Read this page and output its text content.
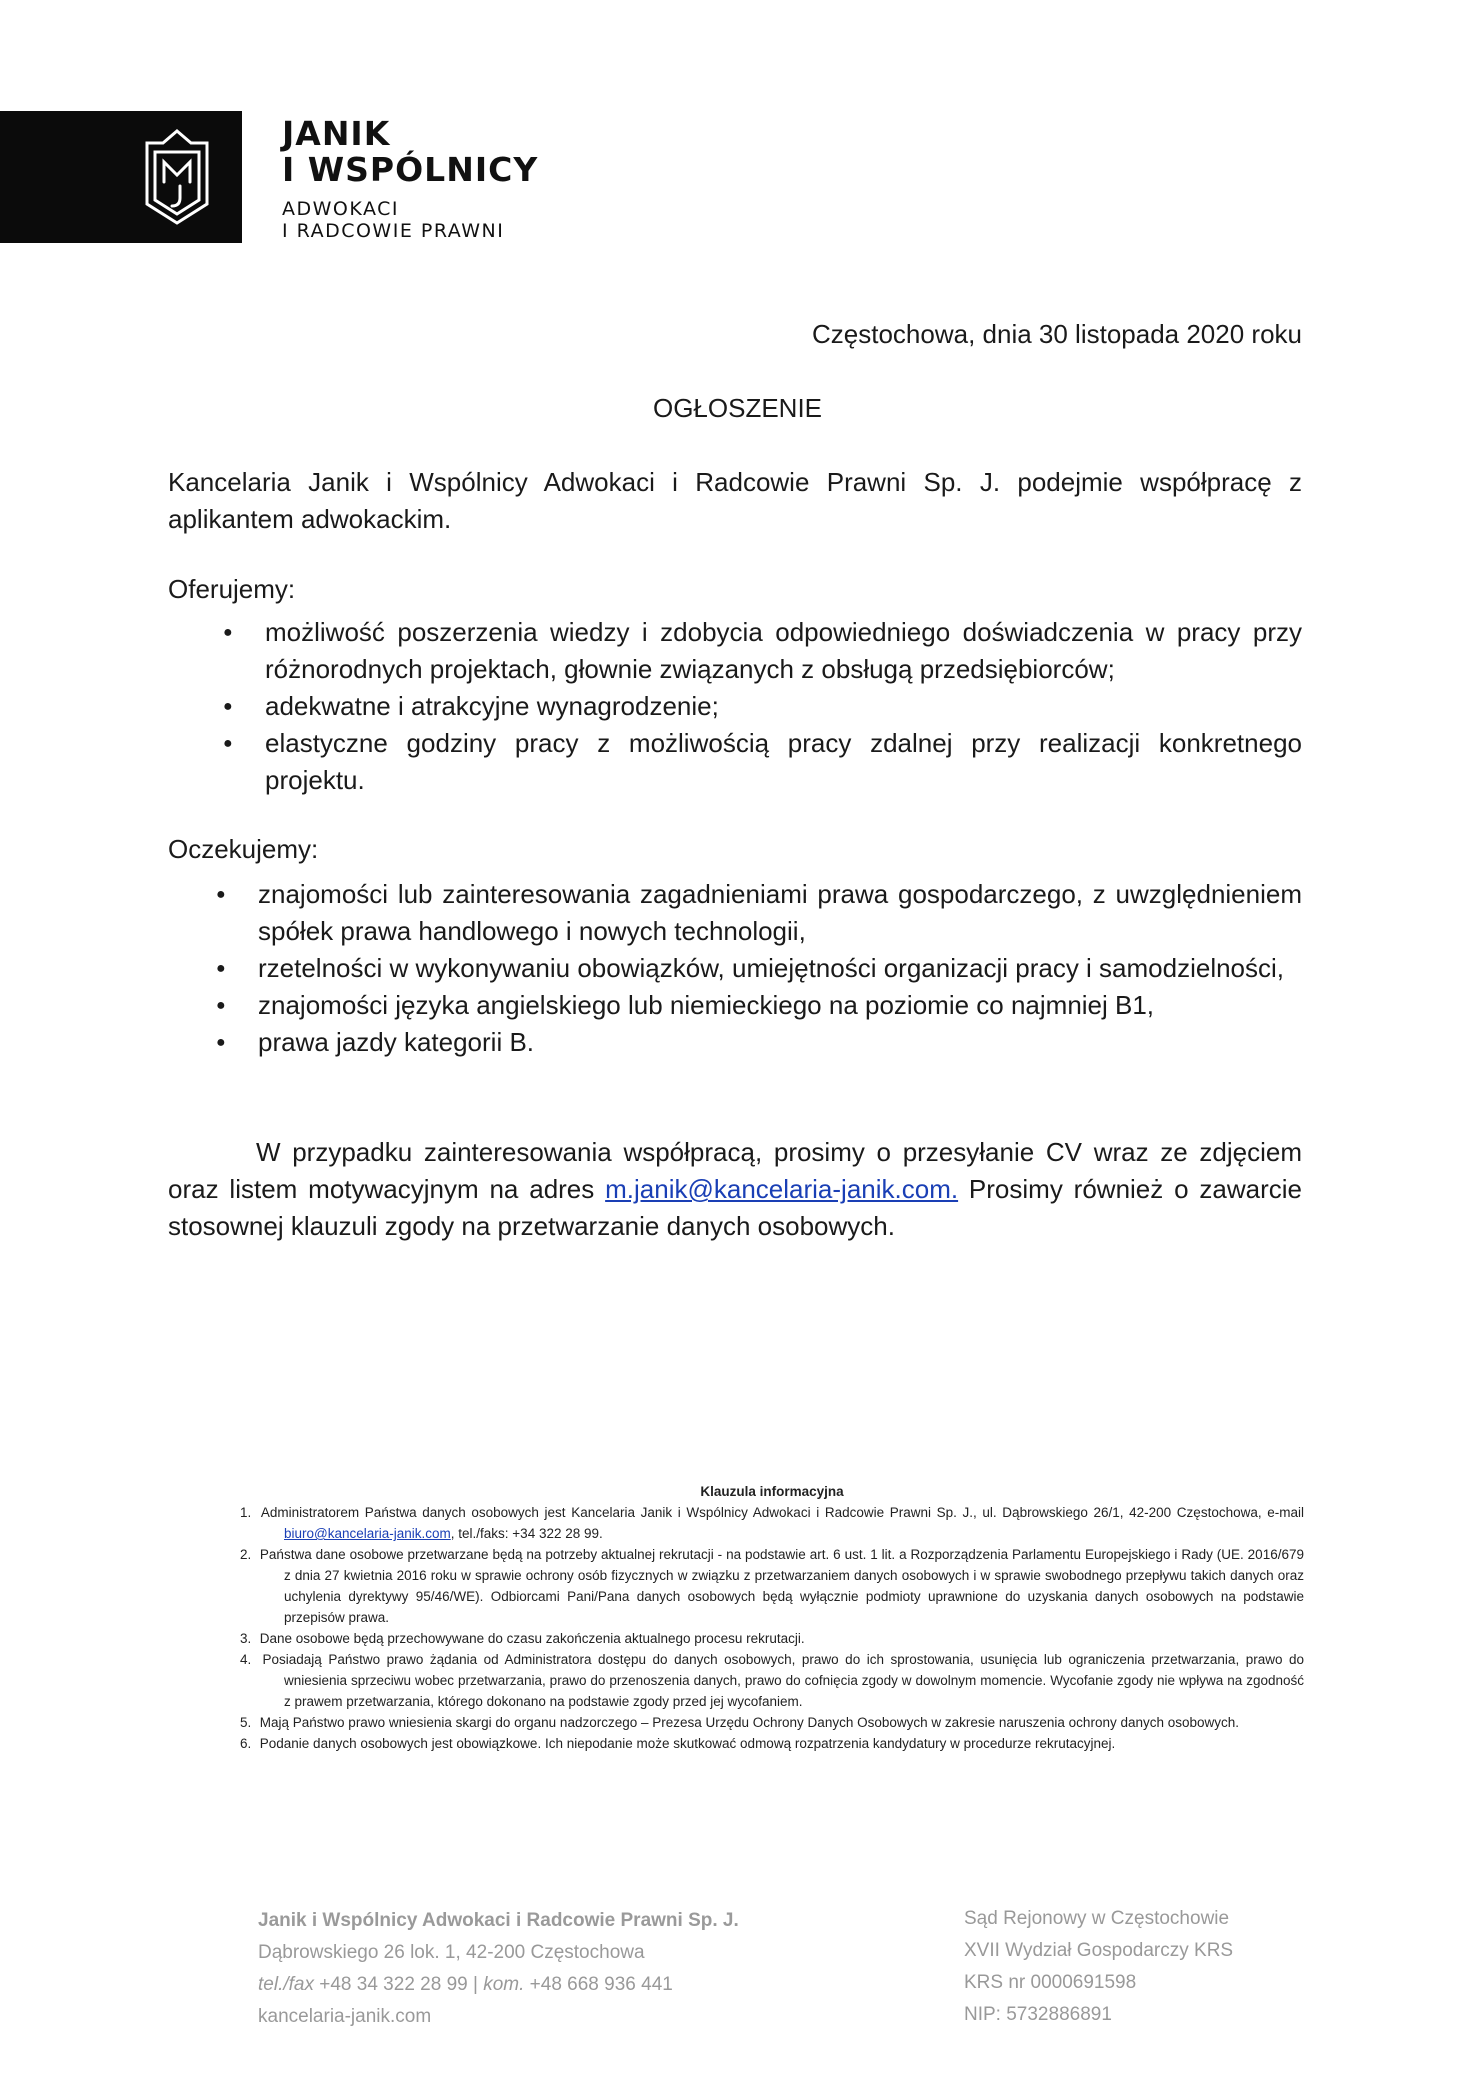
JANIK
I WSPÓLNICY
ADWOKACI
I RADCOWIE PRAWNI
Częstochowa, dnia 30 listopada 2020 roku
OGŁOSZENIE
Kancelaria Janik i Wspólnicy Adwokaci i Radcowie Prawni Sp. J. podejmie współpracę z aplikantem adwokackim.
Oferujemy:
● możliwość poszerzenia wiedzy i zdobycia odpowiedniego doświadczenia w pracy przy różnorodnych projektach, głownie związanych z obsługą przedsiębiorców;
● adekwatne i atrakcyjne wynagrodzenie;
● elastyczne godziny pracy z możliwością pracy zdalnej przy realizacji konkretnego projektu.
Oczekujemy:
● znajomości lub zainteresowania zagadnieniami prawa gospodarczego, z uwzględnieniem spółek prawa handlowego i nowych technologii,
● rzetelności w wykonywaniu obowiązków, umiejętności organizacji pracy i samodzielności,
● znajomości języka angielskiego lub niemieckiego na poziomie co najmniej B1,
● prawa jazdy kategorii B.
W przypadku zainteresowania współpracą, prosimy o przesyłanie CV wraz ze zdjęciem oraz listem motywacyjnym na adres m.janik@kancelaria-janik.com. Prosimy również o zawarcie stosownej klauzuli zgody na przetwarzanie danych osobowych.
Klauzula informacyjna
1. Administratorem Państwa danych osobowych jest Kancelaria Janik i Wspólnicy Adwokaci i Radcowie Prawni Sp. J., ul. Dąbrowskiego 26/1, 42-200 Częstochowa, e-mail biuro@kancelaria-janik.com, tel./faks: +34 322 28 99.
2. Państwa dane osobowe przetwarzane będą na potrzeby aktualnej rekrutacji - na podstawie art. 6 ust. 1 lit. a Rozporządzenia Parlamentu Europejskiego i Rady (UE. 2016/679 z dnia 27 kwietnia 2016 roku w sprawie ochrony osób fizycznych w związku z przetwarzaniem danych osobowych i w sprawie swobodnego przepływu takich danych oraz uchylenia dyrektywy 95/46/WE). Odbiorcami Pani/Pana danych osobowych będą wyłącznie podmioty uprawnione do uzyskania danych osobowych na podstawie przepisów prawa.
3. Dane osobowe będą przechowywane do czasu zakończenia aktualnego procesu rekrutacji.
4. Posiadają Państwo prawo żądania od Administratora dostępu do danych osobowych, prawo do ich sprostowania, usunięcia lub ograniczenia przetwarzania, prawo do wniesienia sprzeciwu wobec przetwarzania, prawo do przenoszenia danych, prawo do cofnięcia zgody w dowolnym momencie. Wycofanie zgody nie wpływa na zgodność z prawem przetwarzania, którego dokonano na podstawie zgody przed jej wycofaniem.
5. Mają Państwo prawo wniesienia skargi do organu nadzorczego – Prezesa Urzędu Ochrony Danych Osobowych w zakresie naruszenia ochrony danych osobowych.
6. Podanie danych osobowych jest obowiązkowe. Ich niepodanie może skutkować odmową rozpatrzenia kandydatury w procedurze rekrutacyjnej.
Janik i Wspólnicy Adwokaci i Radcowie Prawni Sp. J.
Dąbrowskiego 26 lok. 1, 42-200 Częstochowa
tel./fax +48 34 322 28 99 | kom. +48 668 936 441
kancelaria-janik.com
Sąd Rejonowy w Częstochowie
XVII Wydział Gospodarczy KRS
KRS nr 0000691598
NIP: 5732886891
